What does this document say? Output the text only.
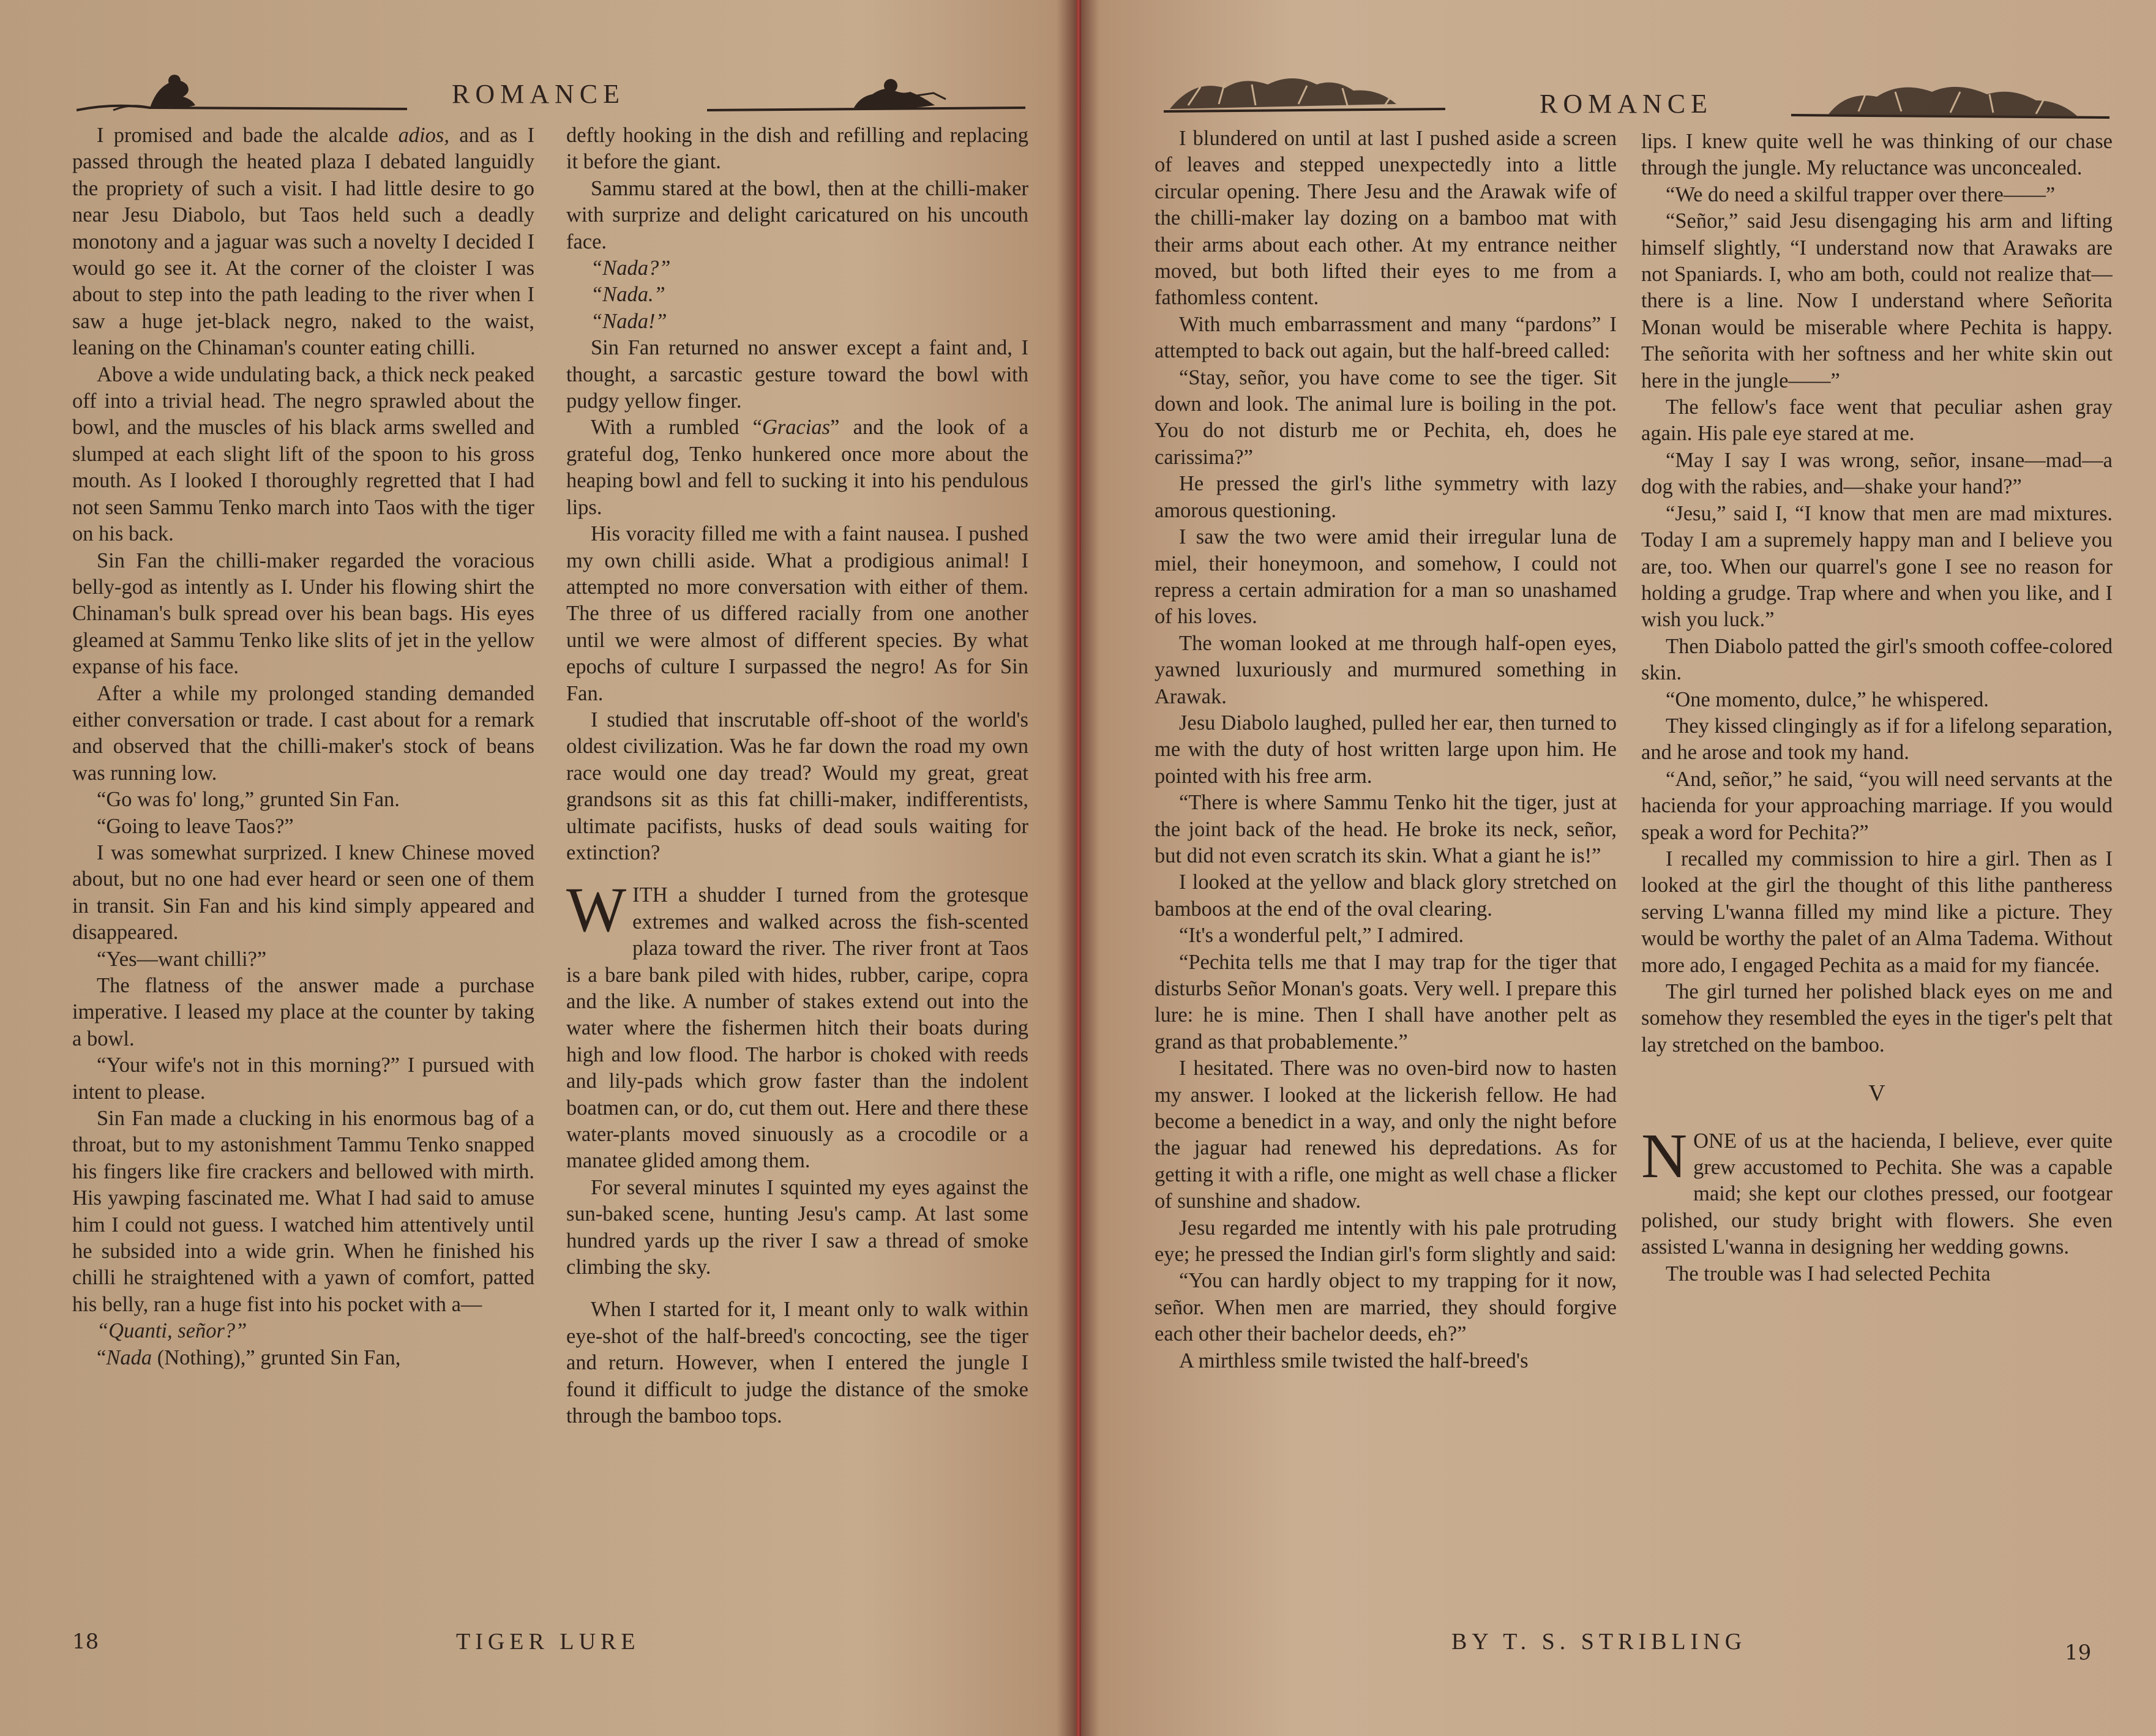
ROMANCE

I promised and bade the alcalde adios, and as I passed through the heated plaza I debated languidly the propriety of such a visit. I had little desire to go near Jesu Diabolo, but Taos held such a deadly monotony and a jaguar was such a novelty I decided I would go see it. At the corner of the cloister I was about to step into the path leading to the river when I saw a huge jet-black negro, naked to the waist, leaning on the Chinaman's counter eating chilli.

Above a wide undulating back, a thick neck peaked off into a trivial head. The negro sprawled about the bowl, and the muscles of his black arms swelled and slumped at each slight lift of the spoon to his gross mouth. As I looked I thoroughly regretted that I had not seen Sammu Tenko march into Taos with the tiger on his back.

Sin Fan the chilli-maker regarded the voracious belly-god as intently as I. Under his flowing shirt the Chinaman's bulk spread over his bean bags. His eyes gleamed at Sammu Tenko like slits of jet in the yellow expanse of his face.

After a while my prolonged standing demanded either conversation or trade. I cast about for a remark and observed that the chilli-maker's stock of beans was running low.

“Go was fo' long,” grunted Sin Fan.

“Going to leave Taos?”

I was somewhat surprized. I knew Chinese moved about, but no one had ever heard or seen one of them in transit. Sin Fan and his kind simply appeared and disappeared.

“Yes—want chilli?”

The flatness of the answer made a purchase imperative. I leased my place at the counter by taking a bowl.

“Your wife's not in this morning?” I pursued with intent to please.

Sin Fan made a clucking in his enormous bag of a throat, but to my astonishment Tammu Tenko snapped his fingers like fire crackers and bellowed with mirth. His yawping fascinated me. What I had said to amuse him I could not guess. I watched him attentively until he subsided into a wide grin. When he finished his chilli he straightened with a yawn of comfort, patted his belly, ran a huge fist into his pocket with a—

“Quanti, señor?”

“Nada (Nothing),” grunted Sin Fan,

deftly hooking in the dish and refilling and replacing it before the giant.

Sammu stared at the bowl, then at the chilli-maker with surprize and delight caricatured on his uncouth face.

“Nada?”

“Nada.”

“Nada!”

Sin Fan returned no answer except a faint and, I thought, a sarcastic gesture toward the bowl with pudgy yellow finger.

With a rumbled “Gracias” and the look of a grateful dog, Tenko hunkered once more about the heaping bowl and fell to sucking it into his pendulous lips.

His voracity filled me with a faint nausea. I pushed my own chilli aside. What a prodigious animal! I attempted no more conversation with either of them. The three of us differed racially from one another until we were almost of different species. By what epochs of culture I surpassed the negro! As for Sin Fan.

I studied that inscrutable off-shoot of the world's oldest civilization. Was he far down the road my own race would one day tread? Would my great, great grandsons sit as this fat chilli-maker, indifferentists, ultimate pacifists, husks of dead souls waiting for extinction?

WITH a shudder I turned from the grotesque extremes and walked across the fish-scented plaza toward the river. The river front at Taos is a bare bank piled with hides, rubber, caripe, copra and the like. A number of stakes extend out into the water where the fishermen hitch their boats during high and low flood. The harbor is choked with reeds and lily-pads which grow faster than the indolent boatmen can, or do, cut them out. Here and there these water-plants moved sinuously as a crocodile or a manatee glided among them.

For several minutes I squinted my eyes against the sun-baked scene, hunting Jesu's camp. At last some hundred yards up the river I saw a thread of smoke climbing the sky.

When I started for it, I meant only to walk within eye-shot of the half-breed's concocting, see the tiger and return. However, when I entered the jungle I found it difficult to judge the distance of the smoke through the bamboo tops.

18	TIGER LURE
ROMANCE

I blundered on until at last I pushed aside a screen of leaves and stepped unexpectedly into a little circular opening. There Jesu and the Arawak wife of the chilli-maker lay dozing on a bamboo mat with their arms about each other. At my entrance neither moved, but both lifted their eyes to me from a fathomless content.

With much embarrassment and many “pardons” I attempted to back out again, but the half-breed called:

“Stay, señor, you have come to see the tiger. Sit down and look. The animal lure is boiling in the pot. You do not disturb me or Pechita, eh, does he carissima?”

He pressed the girl's lithe symmetry with lazy amorous questioning.

I saw the two were amid their irregular luna de miel, their honeymoon, and somehow, I could not repress a certain admiration for a man so unashamed of his loves.

The woman looked at me through half-open eyes, yawned luxuriously and murmured something in Arawak.

Jesu Diabolo laughed, pulled her ear, then turned to me with the duty of host written large upon him. He pointed with his free arm.

“There is where Sammu Tenko hit the tiger, just at the joint back of the head. He broke its neck, señor, but did not even scratch its skin. What a giant he is!”

I looked at the yellow and black glory stretched on bamboos at the end of the oval clearing.

“It's a wonderful pelt,” I admired.

“Pechita tells me that I may trap for the tiger that disturbs Señor Monan's goats. Very well. I prepare this lure: he is mine. Then I shall have another pelt as grand as that probablemente.”

I hesitated. There was no oven-bird now to hasten my answer. I looked at the lickerish fellow. He had become a benedict in a way, and only the night before the jaguar had renewed his depredations. As for getting it with a rifle, one might as well chase a flicker of sunshine and shadow.

Jesu regarded me intently with his pale protruding eye; he pressed the Indian girl's form slightly and said:

“You can hardly object to my trapping for it now, señor. When men are married, they should forgive each other their bachelor deeds, eh?”

A mirthless smile twisted the half-breed's

lips. I knew quite well he was thinking of our chase through the jungle. My reluctance was unconcealed.

“We do need a skilful trapper over there——”

“Señor,” said Jesu disengaging his arm and lifting himself slightly, “I understand now that Arawaks are not Spaniards. I, who am both, could not realize that—there is a line. Now I understand where Señorita Monan would be miserable where Pechita is happy. The señorita with her softness and her white skin out here in the jungle——”

The fellow's face went that peculiar ashen gray again. His pale eye stared at me.

“May I say I was wrong, señor, insane—mad—a dog with the rabies, and—shake your hand?”

“Jesu,” said I, “I know that men are mad mixtures. Today I am a supremely happy man and I believe you are, too. When our quarrel's gone I see no reason for holding a grudge. Trap where and when you like, and I wish you luck.”

Then Diabolo patted the girl's smooth coffee-colored skin.

“One momento, dulce,” he whispered.

They kissed clingingly as if for a lifelong separation, and he arose and took my hand.

“And, señor,” he said, “you will need servants at the hacienda for your approaching marriage. If you would speak a word for Pechita?”

I recalled my commission to hire a girl. Then as I looked at the girl the thought of this lithe pantheress serving L'wanna filled my mind like a picture. They would be worthy the palet of an Alma Tadema. Without more ado, I engaged Pechita as a maid for my fiancée.

The girl turned her polished black eyes on me and somehow they resembled the eyes in the tiger's pelt that lay stretched on the bamboo.

V

NONE of us at the hacienda, I believe, ever quite grew accustomed to Pechita. She was a capable maid; she kept our clothes pressed, our footgear polished, our study bright with flowers. She even assisted L'wanna in designing her wedding gowns.

The trouble was I had selected Pechita

BY T. S. STRIBLING	19
